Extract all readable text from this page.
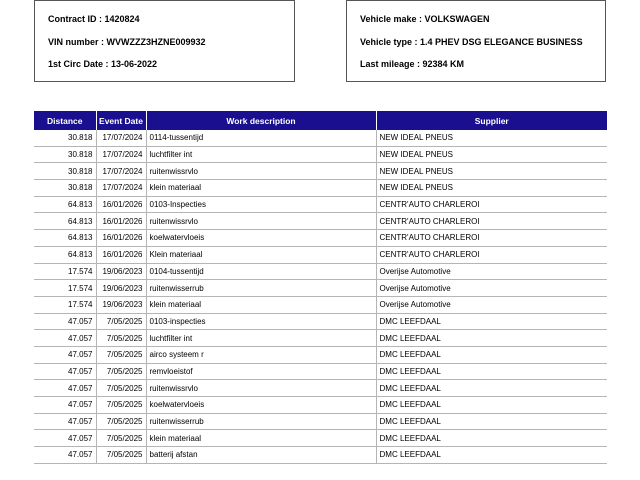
Contract ID : 1420824
VIN number : WVWZZZ3HZNE009932
1st Circ Date : 13-06-2022
Vehicle make : VOLKSWAGEN
Vehicle type : 1.4 PHEV DSG ELEGANCE BUSINESS
Last mileage : 92384 KM
Distance	Event Date	Work description	Supplier
30.818	17/07/2024	0114-tussentijd	NEW IDEAL PNEUS
30.818	17/07/2024	luchtfilter int	NEW IDEAL PNEUS
30.818	17/07/2024	ruitenwissrvlo	NEW IDEAL PNEUS
30.818	17/07/2024	klein materiaal	NEW IDEAL PNEUS
64.813	16/01/2026	0103-Inspecties	CENTR'AUTO CHARLEROI
64.813	16/01/2026	ruitenwissrvlo	CENTR'AUTO CHARLEROI
64.813	16/01/2026	koelwatervloeis	CENTR'AUTO CHARLEROI
64.813	16/01/2026	Klein materiaal	CENTR'AUTO CHARLEROI
17.574	19/06/2023	0104-tussentijd	Overijse Automotive
17.574	19/06/2023	ruitenwisserrub	Overijse Automotive
17.574	19/06/2023	klein materiaal	Overijse Automotive
47.057	7/05/2025	0103-inspecties	DMC LEEFDAAL
47.057	7/05/2025	luchtfilter int	DMC LEEFDAAL
47.057	7/05/2025	airco systeem r	DMC LEEFDAAL
47.057	7/05/2025	remvloeistof	DMC LEEFDAAL
47.057	7/05/2025	ruitenwissrvlo	DMC LEEFDAAL
47.057	7/05/2025	koelwatervloeis	DMC LEEFDAAL
47.057	7/05/2025	ruitenwisserrub	DMC LEEFDAAL
47.057	7/05/2025	klein materiaal	DMC LEEFDAAL
47.057	7/05/2025	batterij afstan	DMC LEEFDAAL
